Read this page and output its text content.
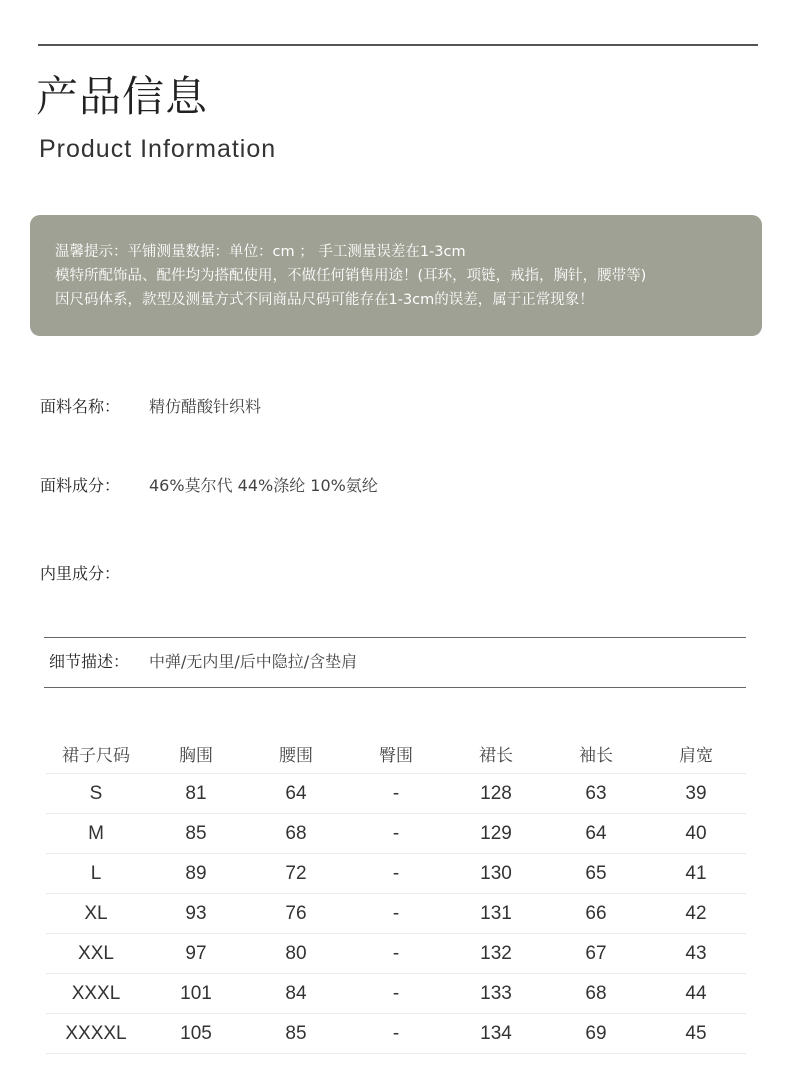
产品信息
Product Information

温馨提示：平铺测量数据：单位：cm ； 手工测量误差在1-3cm

模特所配饰品、配件均为搭配使用，不做任何销售用途！(耳环，项链，戒指，胸针，腰带等)

因尺码体系，款型及测量方式不同商品尺码可能存在1-3cm的误差，属于正常现象！

面料名称： 精仿醋酸针织料
面料成分： 46%莫尔代 44%涤纶 10%氨纶
内里成分：
细节描述： 中弹/无内里/后中隐拉/含垫肩
裙子尺码	胸围	腰围	臀围	裙长	袖长	肩宽
S	81	64	-	128	63	39
M	85	68	-	129	64	40
L	89	72	-	130	65	41
XL	93	76	-	131	66	42
XXL	97	80	-	132	67	43
XXXL	101	84	-	133	68	44
XXXXL	105	85	-	134	69	45
